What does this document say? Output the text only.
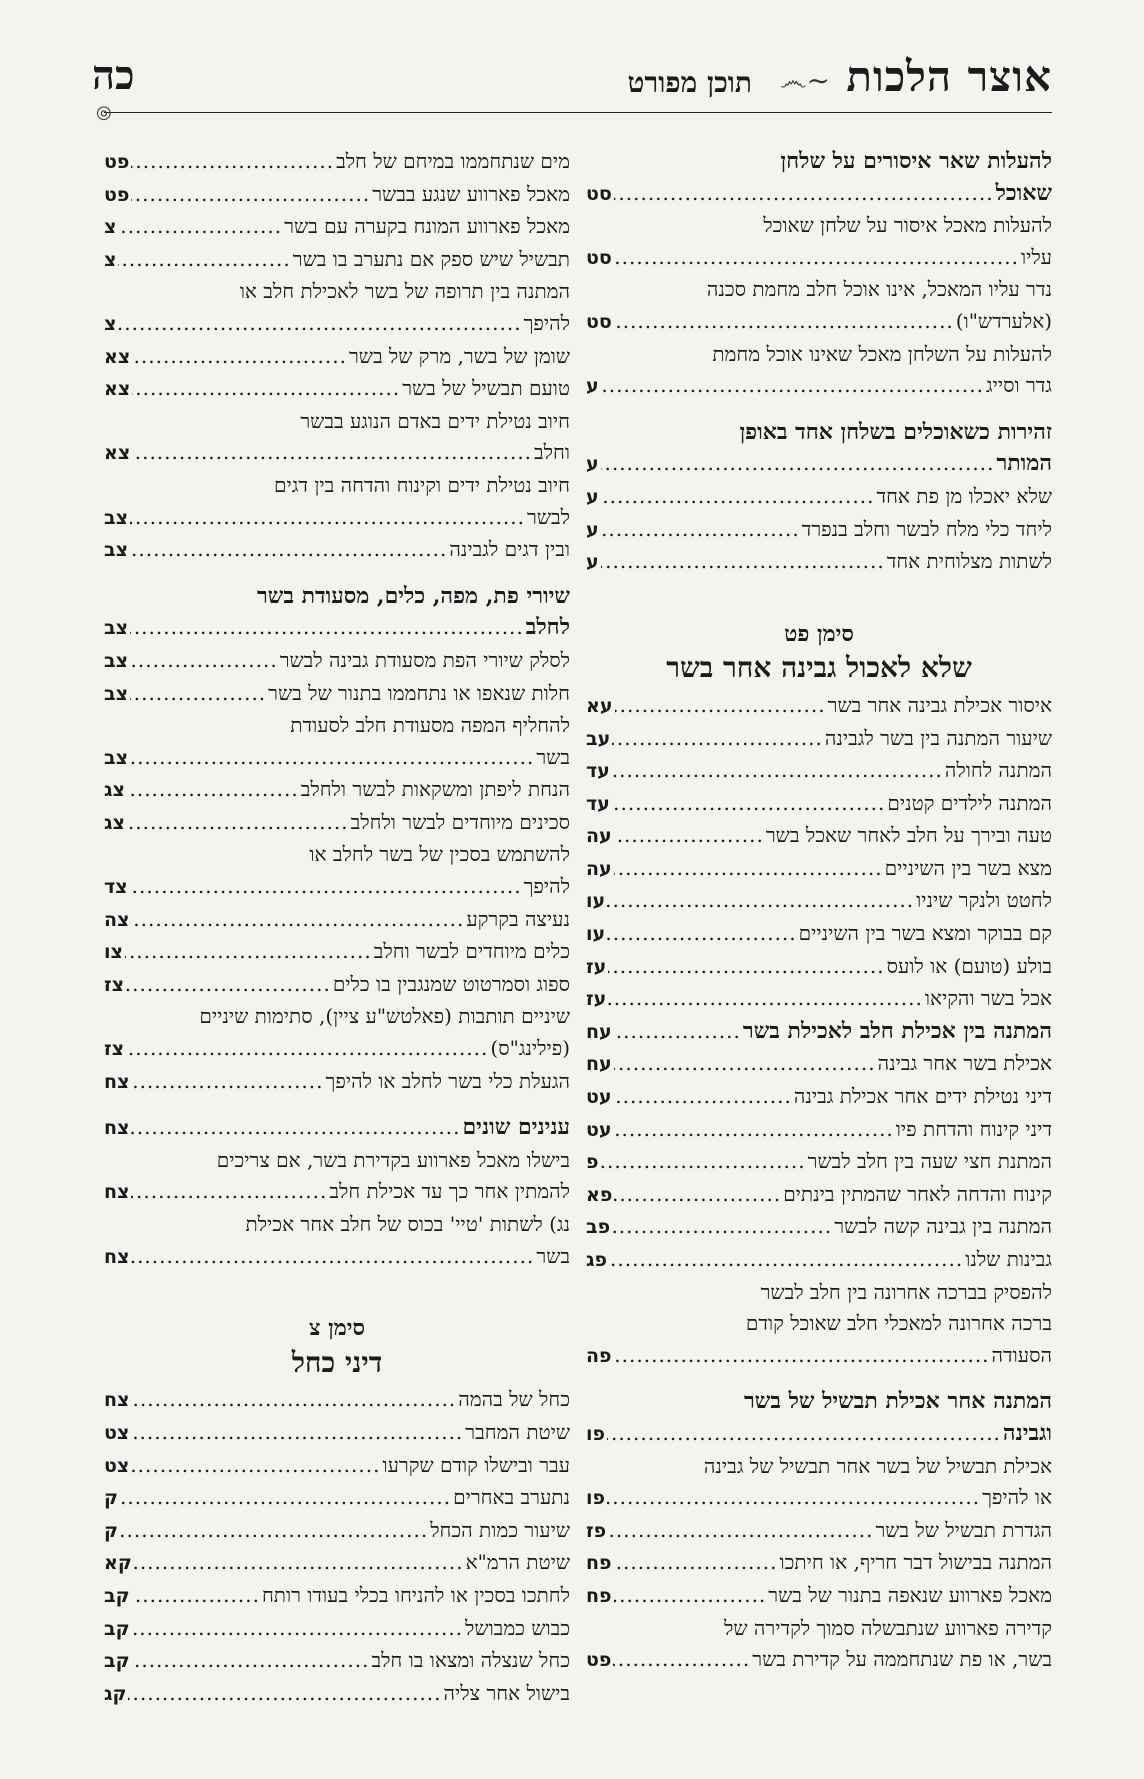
אוצר הלכות
∽෴
תוכן מפורט
כה
◎
להעלות שאר איסורים על שלחן
שאוכל
.....
סט
להעלות מאכל איסור על שלחן שאוכל
עליו
.....
סט
נדר עליו המאכל, אינו אוכל חלב מחמת סכנה
(אלערדש"ו)
.....
סט
להעלות על השלחן מאכל שאינו אוכל מחמת
גדר וסייג
.....
ע
זהירות כשאוכלים בשלחן אחד באופן
המותר
.....
ע
שלא יאכלו מן פת אחד
.....
ע
ליחד כלי מלח לבשר וחלב בנפרד
.....
ע
לשתות מצלוחית אחד
.....
ע
סימן פט
שלא לאכול גבינה אחר בשר
איסור אכילת גבינה אחר בשר
.....
עא
שיעור המתנה בין בשר לגבינה
.....
עב
המתנה לחולה
.....
עד
המתנה לילדים קטנים
.....
עד
טעה ובירך על חלב לאחר שאכל בשר
.....
עה
מצא בשר בין השיניים
.....
עה
לחטט ולנקר שיניו
.....
עו
קם בבוקר ומצא בשר בין השיניים
.....
עו
בולע (טועם) או לועס
.....
עז
אכל בשר והקיאו
.....
עז
המתנה בין אכילת חלב לאכילת בשר
.....
עח
אכילת בשר אחר גבינה
.....
עח
דיני נטילת ידים אחר אכילת גבינה
.....
עט
דיני קינוח והדחת פיו
.....
עט
המתנת חצי שעה בין חלב לבשר
.....
פ
קינוח והדחה לאחר שהמתין בינתים
.....
פא
המתנה בין גבינה קשה לבשר
.....
פב
גבינות שלנו
.....
פג
להפסיק בברכה אחרונה בין חלב לבשר
ברכה אחרונה למאכלי חלב שאוכל קודם
הסעודה
.....
פה
המתנה אחר אכילת תבשיל של בשר
וגבינה
.....
פו
אכילת תבשיל של בשר אחר תבשיל של גבינה
או להיפך
.....
פו
הגדרת תבשיל של בשר
.....
פז
המתנה בבישול דבר חריף, או חיתכו
.....
פח
מאכל פארווע שנאפה בתנור של בשר
.....
פח
קדירה פארווע שנתבשלה סמוך לקדירה של
בשר, או פת שנתחממה על קדירת בשר
.....
פט
מים שנתחממו במיחם של חלב
.....
פט
מאכל פארווע שנגע בבשר
.....
פט
מאכל פארווע המונח בקערה עם בשר
.....
צ
תבשיל שיש ספק אם נתערב בו בשר
.....
צ
המתנה בין תרופה של בשר לאכילת חלב או
להיפך
.....
צ
שומן של בשר, מרק של בשר
.....
צא
טועם תבשיל של בשר
.....
צא
חיוב נטילת ידים באדם הנוגע בבשר
וחלב
.....
צא
חיוב נטילת ידים וקינוח והדחה בין דגים
לבשר
.....
צב
ובין דגים לגבינה
.....
צב
שיורי פת, מפה, כלים, מסעודת בשר
לחלב
.....
צב
לסלק שיורי הפת מסעודת גבינה לבשר
.....
צב
חלות שנאפו או נתחממו בתנור של בשר
.....
צב
להחליף המפה מסעודת חלב לסעודת
בשר
.....
צב
הנחת ליפתן ומשקאות לבשר ולחלב
.....
צג
סכינים מיוחדים לבשר ולחלב
.....
צג
להשתמש בסכין של בשר לחלב או
להיפך
.....
צד
נעיצה בקרקע
.....
צה
כלים מיוחדים לבשר וחלב
.....
צו
ספוג וסמרטוט שמנגבין בו כלים
.....
צז
שיניים תותבות (פאלטש"ע ציין), סתימות שיניים
(פילינג"ס)
.....
צז
הגעלת כלי בשר לחלב או להיפך
.....
צח
ענינים שונים
.....
צח
בישלו מאכל פארווע בקדירת בשר, אם צריכים
להמתין אחר כך עד אכילת חלב
.....
צח
נג) לשתות 'טיי' בכוס של חלב אחר אכילת
בשר
.....
צח
סימן צ
דיני כחל
כחל של בהמה
.....
צח
שיטת המחבר
.....
צט
עבר ובישלו קודם שקרעו
.....
צט
נתערב באחרים
.....
ק
שיעור כמות הכחל
.....
ק
שיטת הרמ"א
.....
קא
לחתכו בסכין או להניחו בכלי בעודו רותח
.....
קב
כבוש כמבושל
.....
קב
כחל שנצלה ומצאו בו חלב
.....
קב
בישול אחר צליה
.....
קג
